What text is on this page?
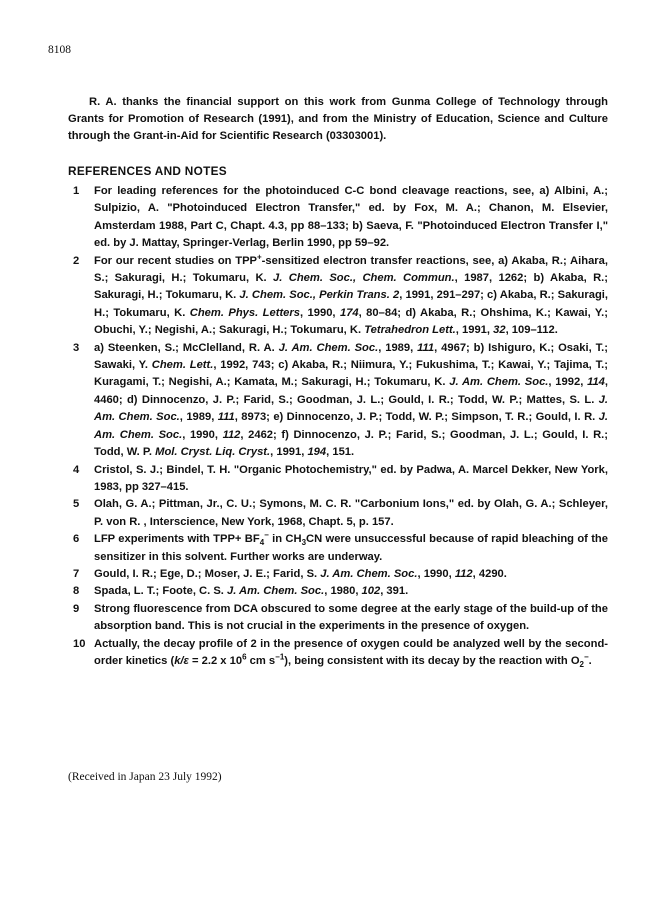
8108

R. A. thanks the financial support on this work from Gunma College of Technology through Grants for Promotion of Research (1991), and from the Ministry of Education, Science and Culture through the Grant-in-Aid for Scientific Research (03303001).

REFERENCES AND NOTES
1	For leading references for the photoinduced C-C bond cleavage reactions, see, a) Albini, A.; Sulpizio, A. "Photoinduced Electron Transfer," ed. by Fox, M. A.; Chanon, M. Elsevier, Amsterdam 1988, Part C, Chapt. 4.3, pp 88–133; b) Saeva, F. "Photoinduced Electron Transfer I," ed. by J. Mattay, Springer-Verlag, Berlin 1990, pp 59–92.
2	For our recent studies on TPP+-sensitized electron transfer reactions, see, a) Akaba, R.; Aihara, S.; Sakuragi, H.; Tokumaru, K. J. Chem. Soc., Chem. Commun., 1987, 1262; b) Akaba, R.; Sakuragi, H.; Tokumaru, K. J. Chem. Soc., Perkin Trans. 2, 1991, 291–297; c) Akaba, R.; Sakuragi, H.; Tokumaru, K. Chem. Phys. Letters, 1990, 174, 80–84; d) Akaba, R.; Ohshima, K.; Kawai, Y.; Obuchi, Y.; Negishi, A.; Sakuragi, H.; Tokumaru, K. Tetrahedron Lett., 1991, 32, 109–112.
3	a) Steenken, S.; McClelland, R. A. J. Am. Chem. Soc., 1989, 111, 4967; b) Ishiguro, K.; Osaki, T.; Sawaki, Y. Chem. Lett., 1992, 743; c) Akaba, R.; Niimura, Y.; Fukushima, T.; Kawai, Y.; Tajima, T.; Kuragami, T.; Negishi, A.; Kamata, M.; Sakuragi, H.; Tokumaru, K. J. Am. Chem. Soc., 1992, 114, 4460; d) Dinnocenzo, J. P.; Farid, S.; Goodman, J. L.; Gould, I. R.; Todd, W. P.; Mattes, S. L. J. Am. Chem. Soc., 1989, 111, 8973; e) Dinnocenzo, J. P.; Todd, W. P.; Simpson, T. R.; Gould, I. R. J. Am. Chem. Soc., 1990, 112, 2462; f) Dinnocenzo, J. P.; Farid, S.; Goodman, J. L.; Gould, I. R.; Todd, W. P. Mol. Cryst. Liq. Cryst., 1991, 194, 151.
4	Cristol, S. J.; Bindel, T. H. "Organic Photochemistry," ed. by Padwa, A. Marcel Dekker, New York, 1983, pp 327–415.
5	Olah, G. A.; Pittman, Jr., C. U.; Symons, M. C. R. "Carbonium Ions," ed. by Olah, G. A.; Schleyer, P. von R. , Interscience, New York, 1968, Chapt. 5, p. 157.
6	LFP experiments with $TPP+ BF_4^-$ in $CH_3CN$ were unsuccessful because of rapid bleaching of the sensitizer in this solvent. Further works are underway.
7	Gould, I. R.; Ege, D.; Moser, J. E.; Farid, S. J. Am. Chem. Soc., 1990, 112, 4290.
8	Spada, L. T.; Foote, C. S. J. Am. Chem. Soc., 1980, 102, 391.
9	Strong fluorescence from DCA obscured to some degree at the early stage of the build-up of the absorption band. This is not crucial in the experiments in the presence of oxygen.
10 Actually, the decay profile of 2 in the presence of oxygen could be analyzed well by the second-order kinetics (k/ε = 2.2 x $10^6$ cm $s^{-1}$), being consistent with its decay by the reaction with $O_2^-$.
(Received in Japan 23 July 1992)
